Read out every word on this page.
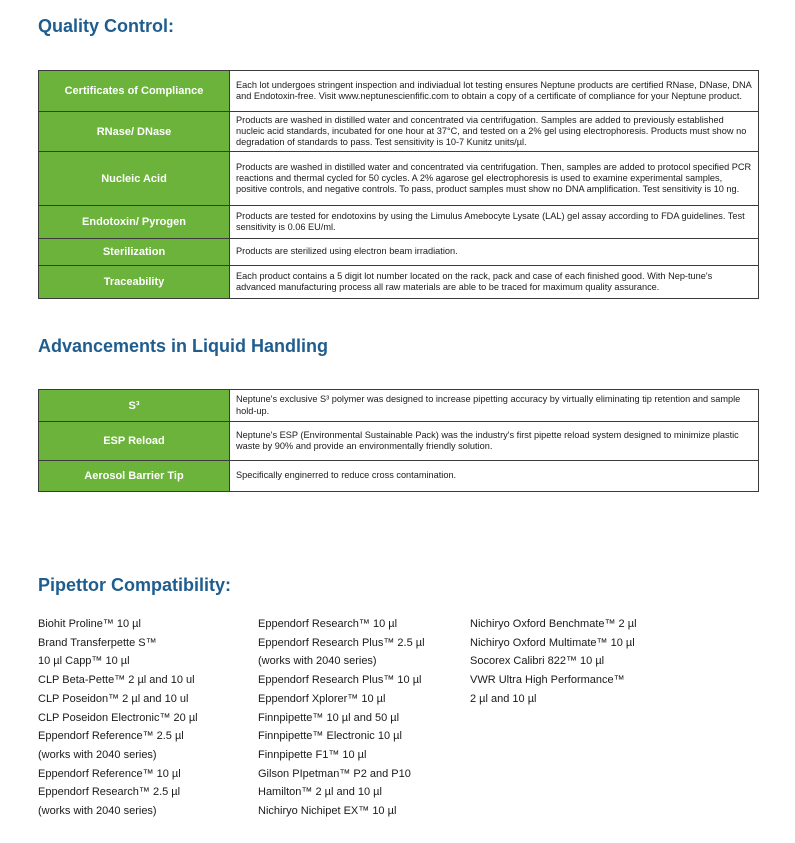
Quality Control:
Certificates of Compliance	Each lot undergoes stringent inspection and indiviadual lot testing ensures Neptune products are certified RNase, DNase, DNA and Endotoxin-free. Visit www.neptunescienfific.com to obtain a copy of a certificate of compliance for your Neptune product.
RNase/ DNase	Products are washed in distilled water and concentrated via centrifugation. Samples are added to previously established nucleic acid standards, incubated for one hour at 37°C, and tested on a 2% gel using electrophoresis. Products must show no degradation of standards to pass. Test sensitivity is 10-7 Kunitz units/µl.
Nucleic Acid	Products are washed in distilled water and concentrated via centrifugation. Then, samples are added to protocol specified PCR reactions and thermal cycled for 50 cycles. A 2% agarose gel electrophoresis is used to examine experimental samples, positive controls, and negative controls. To pass, product samples must show no DNA amplification. Test sensitivity is 10 ng.
Endotoxin/ Pyrogen	Products are tested for endotoxins by using the Limulus Amebocyte Lysate (LAL) gel assay according to FDA guidelines. Test sensitivity is 0.06 EU/ml.
Sterilization	Products are sterilized using electron beam irradiation.
Traceability	Each product contains a 5 digit lot number located on the rack, pack and case of each finished good. With Nep-tune's advanced manufacturing process all raw materials are able to be traced for maximum quality assurance.
Advancements in Liquid Handling
S³	Neptune's exclusive S³ polymer was designed to increase pipetting accuracy by virtually eliminating tip retention and sample hold-up.
ESP Reload	Neptune's ESP (Environmental Sustainable Pack) was the industry's first pipette reload system designed to minimize plastic waste by 90% and provide an environmentally friendly solution.
Aerosol Barrier Tip	Specifically enginerred to reduce cross contamination.
Pipettor Compatibility:
Biohit Proline™ 10 µl
Brand Transferpette S™
10 µl Capp™ 10 µl
CLP Beta-Pette™ 2 µl and 10 ul
CLP Poseidon™ 2 µl and 10 ul
CLP Poseidon Electronic™ 20 µl
Eppendorf Reference™ 2.5 µl
(works with 2040 series)
Eppendorf Reference™ 10 µl
Eppendorf Research™ 2.5 µl
(works with 2040 series)
Eppendorf Research™ 10 µl
Eppendorf Research Plus™ 2.5 µl
(works with 2040 series)
Eppendorf Research Plus™ 10 µl
Eppendorf Xplorer™ 10 µl
Finnpipette™ 10 µl and 50 µl
Finnpipette™ Electronic 10 µl
Finnpipette F1™ 10 µl
Gilson PIpetman™ P2 and P10
Hamilton™ 2 µl and 10 µl
Nichiryo Nichipet EX™ 10 µl
Nichiryo Oxford Benchmate™ 2 µl
Nichiryo Oxford Multimate™ 10 µl
Socorex Calibri 822™ 10 µl
VWR Ultra High Performance™
2 µl and 10 µl
